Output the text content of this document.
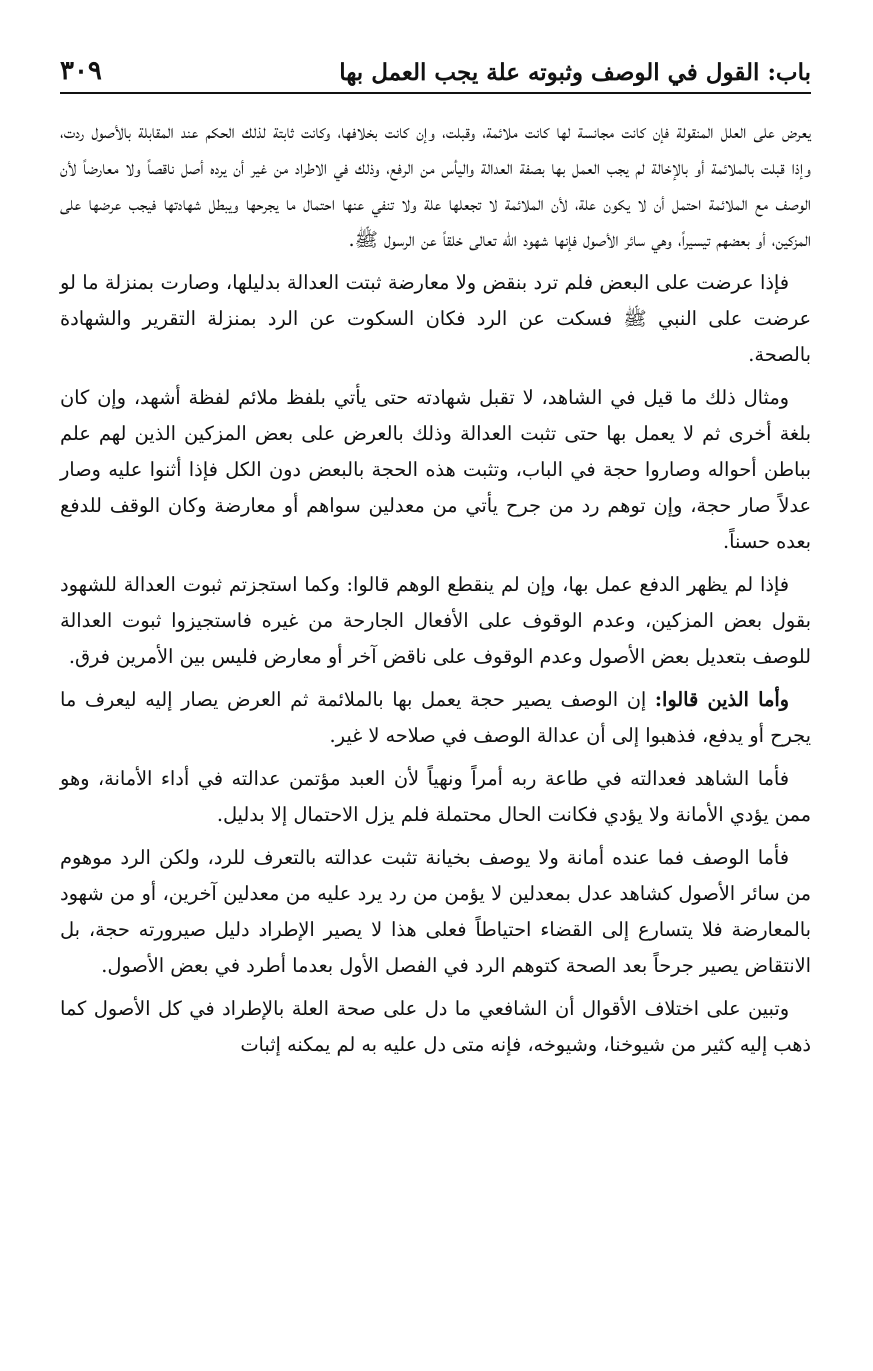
باب: القول في الوصف وثبوته علة يجب العمل بها
٣٠٩

يعرض على العلل المنقولة فإن كانت مجانسة لها كانت ملائمة، وقبلت، وإن كانت بخلافها، وكانت ثابتة لذلك الحكم عند المقابلة بالأصول ردت، وإذا قبلت بالملائمة أو بالإخالة لم يجب العمل بها بصفة العدالة واليأس من الرفع، وذلك في الاطراد من غير أن يرده أصل ناقصاً ولا معارضاً لأن الوصف مع الملائمة احتمل أن لا يكون علة، لأن الملائمة لا تجعلها علة ولا تنفي عنها احتمال ما يجرحها ويبطل شهادتها فيجب عرضها على المزكين، أو بعضهم تيسيراً، وهي سائر الأصول فإنها شهود الله تعالى خلقاً عن الرسول ﷺ.

فإذا عرضت على البعض فلم ترد بنقض ولا معارضة ثبتت العدالة بدليلها، وصارت بمنزلة ما لو عرضت على النبي ﷺ فسكت عن الرد فكان السكوت عن الرد بمنزلة التقرير والشهادة بالصحة.

ومثال ذلك ما قيل في الشاهد، لا تقبل شهادته حتى يأتي بلفظ ملائم لفظة أشهد، وإن كان بلغة أخرى ثم لا يعمل بها حتى تثبت العدالة وذلك بالعرض على بعض المزكين الذين لهم علم بباطن أحواله وصاروا حجة في الباب، وتثبت هذه الحجة بالبعض دون الكل فإذا أثنوا عليه وصار عدلاً صار حجة، وإن توهم رد من جرح يأتي من معدلين سواهم أو معارضة وكان الوقف للدفع بعده حسناً.

فإذا لم يظهر الدفع عمل بها، وإن لم ينقطع الوهم قالوا: وكما استجزتم ثبوت العدالة للشهود بقول بعض المزكين، وعدم الوقوف على الأفعال الجارحة من غيره فاستجيزوا ثبوت العدالة للوصف بتعديل بعض الأصول وعدم الوقوف على ناقض آخر أو معارض فليس بين الأمرين فرق.

وأما الذين قالوا: إن الوصف يصير حجة يعمل بها بالملائمة ثم العرض يصار إليه ليعرف ما يجرح أو يدفع، فذهبوا إلى أن عدالة الوصف في صلاحه لا غير.

فأما الشاهد فعدالته في طاعة ربه أمراً ونهياً لأن العبد مؤتمن عدالته في أداء الأمانة، وهو ممن يؤدي الأمانة ولا يؤدي فكانت الحال محتملة فلم يزل الاحتمال إلا بدليل.

فأما الوصف فما عنده أمانة ولا يوصف بخيانة تثبت عدالته بالتعرف للرد، ولكن الرد موهوم من سائر الأصول كشاهد عدل بمعدلين لا يؤمن من رد يرد عليه من معدلين آخرين، أو من شهود بالمعارضة فلا يتسارع إلى القضاء احتياطاً فعلى هذا لا يصير الإطراد دليل صيرورته حجة، بل الانتقاض يصير جرحاً بعد الصحة كتوهم الرد في الفصل الأول بعدما أطرد في بعض الأصول.

وتبين على اختلاف الأقوال أن الشافعي ما دل على صحة العلة بالإطراد في كل الأصول كما ذهب إليه كثير من شيوخنا، وشيوخه، فإنه متى دل عليه به لم يمكنه إثبات
